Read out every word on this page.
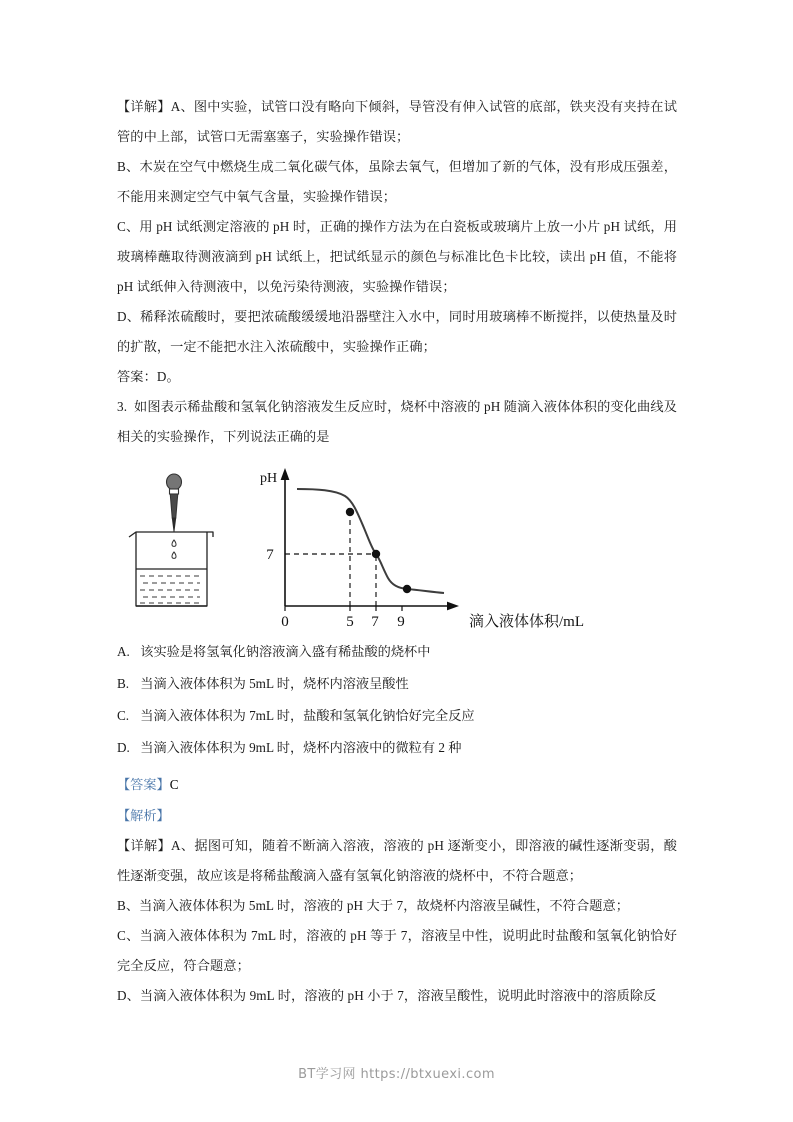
【详解】A、图中实验，试管口没有略向下倾斜，导管没有伸入试管的底部，铁夹没有夹持在试管的中上部，试管口无需塞塞子，实验操作错误；

B、木炭在空气中燃烧生成二氧化碳气体，虽除去氧气，但增加了新的气体，没有形成压强差，不能用来测定空气中氧气含量，实验操作错误；

C、用 pH 试纸测定溶液的 pH 时，正确的操作方法为在白瓷板或玻璃片上放一小片 pH 试纸，用玻璃棒蘸取待测液滴到 pH 试纸上，把试纸显示的颜色与标准比色卡比较，读出 pH 值，不能将 pH 试纸伸入待测液中，以免污染待测液，实验操作错误；

D、稀释浓硫酸时，要把浓硫酸缓缓地沿器壁注入水中，同时用玻璃棒不断搅拌，以使热量及时的扩散，一定不能把水注入浓硫酸中，实验操作正确；

答案：D。

3. 如图表示稀盐酸和氢氧化钠溶液发生反应时，烧杯中溶液的 pH 随滴入液体体积的变化曲线及相关的实验操作，下列说法正确的是

pH
7
0	5 7 9	滴入液体体积/mL

A. 该实验是将氢氧化钠溶液滴入盛有稀盐酸的烧杯中

B. 当滴入液体体积为 5mL 时，烧杯内溶液呈酸性

C. 当滴入液体体积为 7mL 时，盐酸和氢氧化钠恰好完全反应

D. 当滴入液体体积为 9mL 时，烧杯内溶液中的微粒有 2 种

【答案】C

【解析】

【详解】A、据图可知，随着不断滴入溶液，溶液的 pH 逐渐变小，即溶液的碱性逐渐变弱，酸性逐渐变强，故应该是将稀盐酸滴入盛有氢氧化钠溶液的烧杯中，不符合题意；

B、当滴入液体体积为 5mL 时，溶液的 pH 大于 7，故烧杯内溶液呈碱性，不符合题意；

C、当滴入液体体积为 7mL 时，溶液的 pH 等于 7，溶液呈中性，说明此时盐酸和氢氧化钠恰好完全反应，符合题意；

D、当滴入液体体积为 9mL 时，溶液的 pH 小于 7，溶液呈酸性，说明此时溶液中的溶质除反

BT学习网 https://btxuexi.com
